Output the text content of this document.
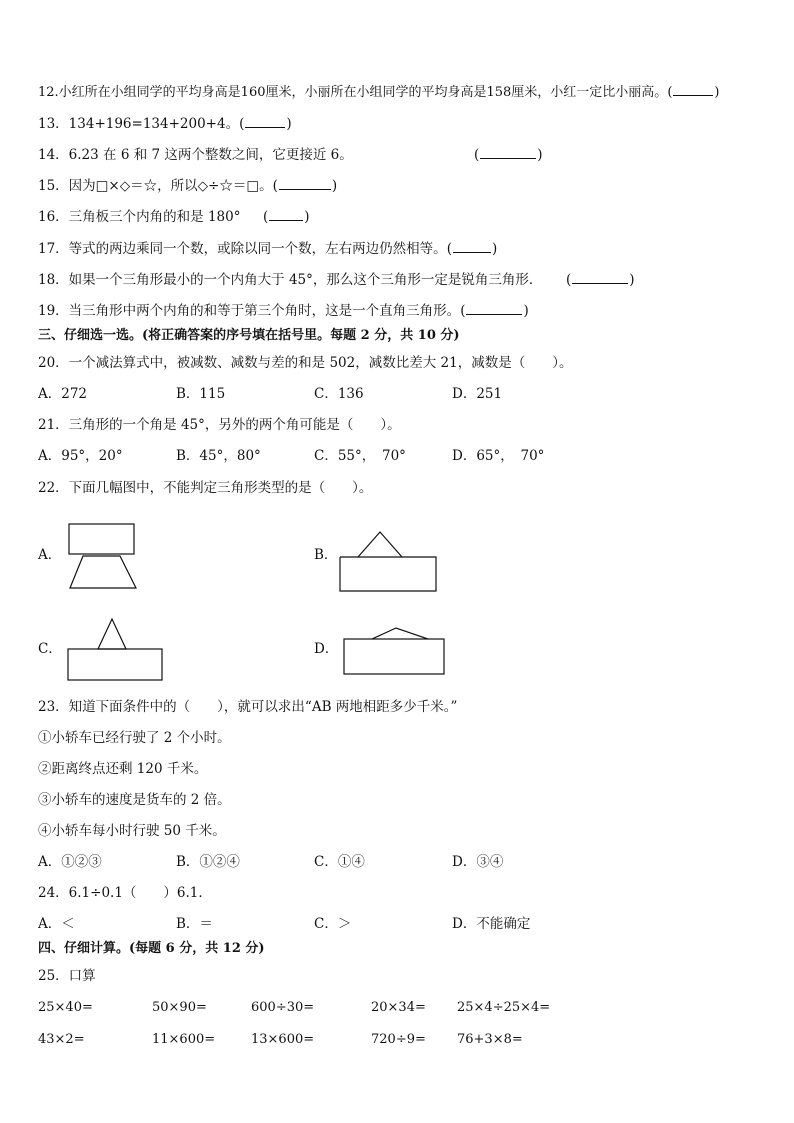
12.小红所在小组同学的平均身高是160厘米，小丽所在小组同学的平均身高是158厘米，小红一定比小丽高。(	)
13．134+196=134+200+4。(	)
14．6.23 在 6 和 7 这两个整数之间，它更接近 6。	(	)
15．因为□×◇＝☆，所以◇÷☆＝□。(	)
16．三角板三个内角的和是 180° (	)
17．等式的两边乘同一个数，或除以同一个数，左右两边仍然相等。(	)
18．如果一个三角形最小的一个内角大于 45°，那么这个三角形一定是锐角三角形． (	)
19．当三角形中两个内角的和等于第三个角时，这是一个直角三角形。(	)
三、仔细选一选。(将正确答案的序号填在括号里。每题 2 分，共 10 分)
20．一个减法算式中，被减数、减数与差的和是 502，减数比差大 21，减数是（　　）。
A．272	B．115	C．136	D．251
21．三角形的一个角是 45°，另外的两个角可能是（　　）。
A．95°，20°	B．45°，80°	C．55°，　70°	D．65°，　70°
22．下面几幅图中，不能判定三角形类型的是（　　）。
A．	B．
C．	D．
23．知道下面条件中的（　　），就可以求出“AB 两地相距多少千米。”
①小轿车已经行驶了 2 个小时。
②距离终点还剩 120 千米。
③小轿车的速度是货车的 2 倍。
④小轿车每小时行驶 50 千米。
A．①②③	B．①②④	C．①④	D．③④
24．6.1÷0.1（　　）6.1．
A．＜	B．＝	C．＞	D．不能确定
四、仔细计算。(每题 6 分，共 12 分)
25．口算
25×40=	50×90=	600÷30=	20×34= 25×4÷25×4=
43×2=	11×600=	13×600=	720÷9= 76+3×8=
